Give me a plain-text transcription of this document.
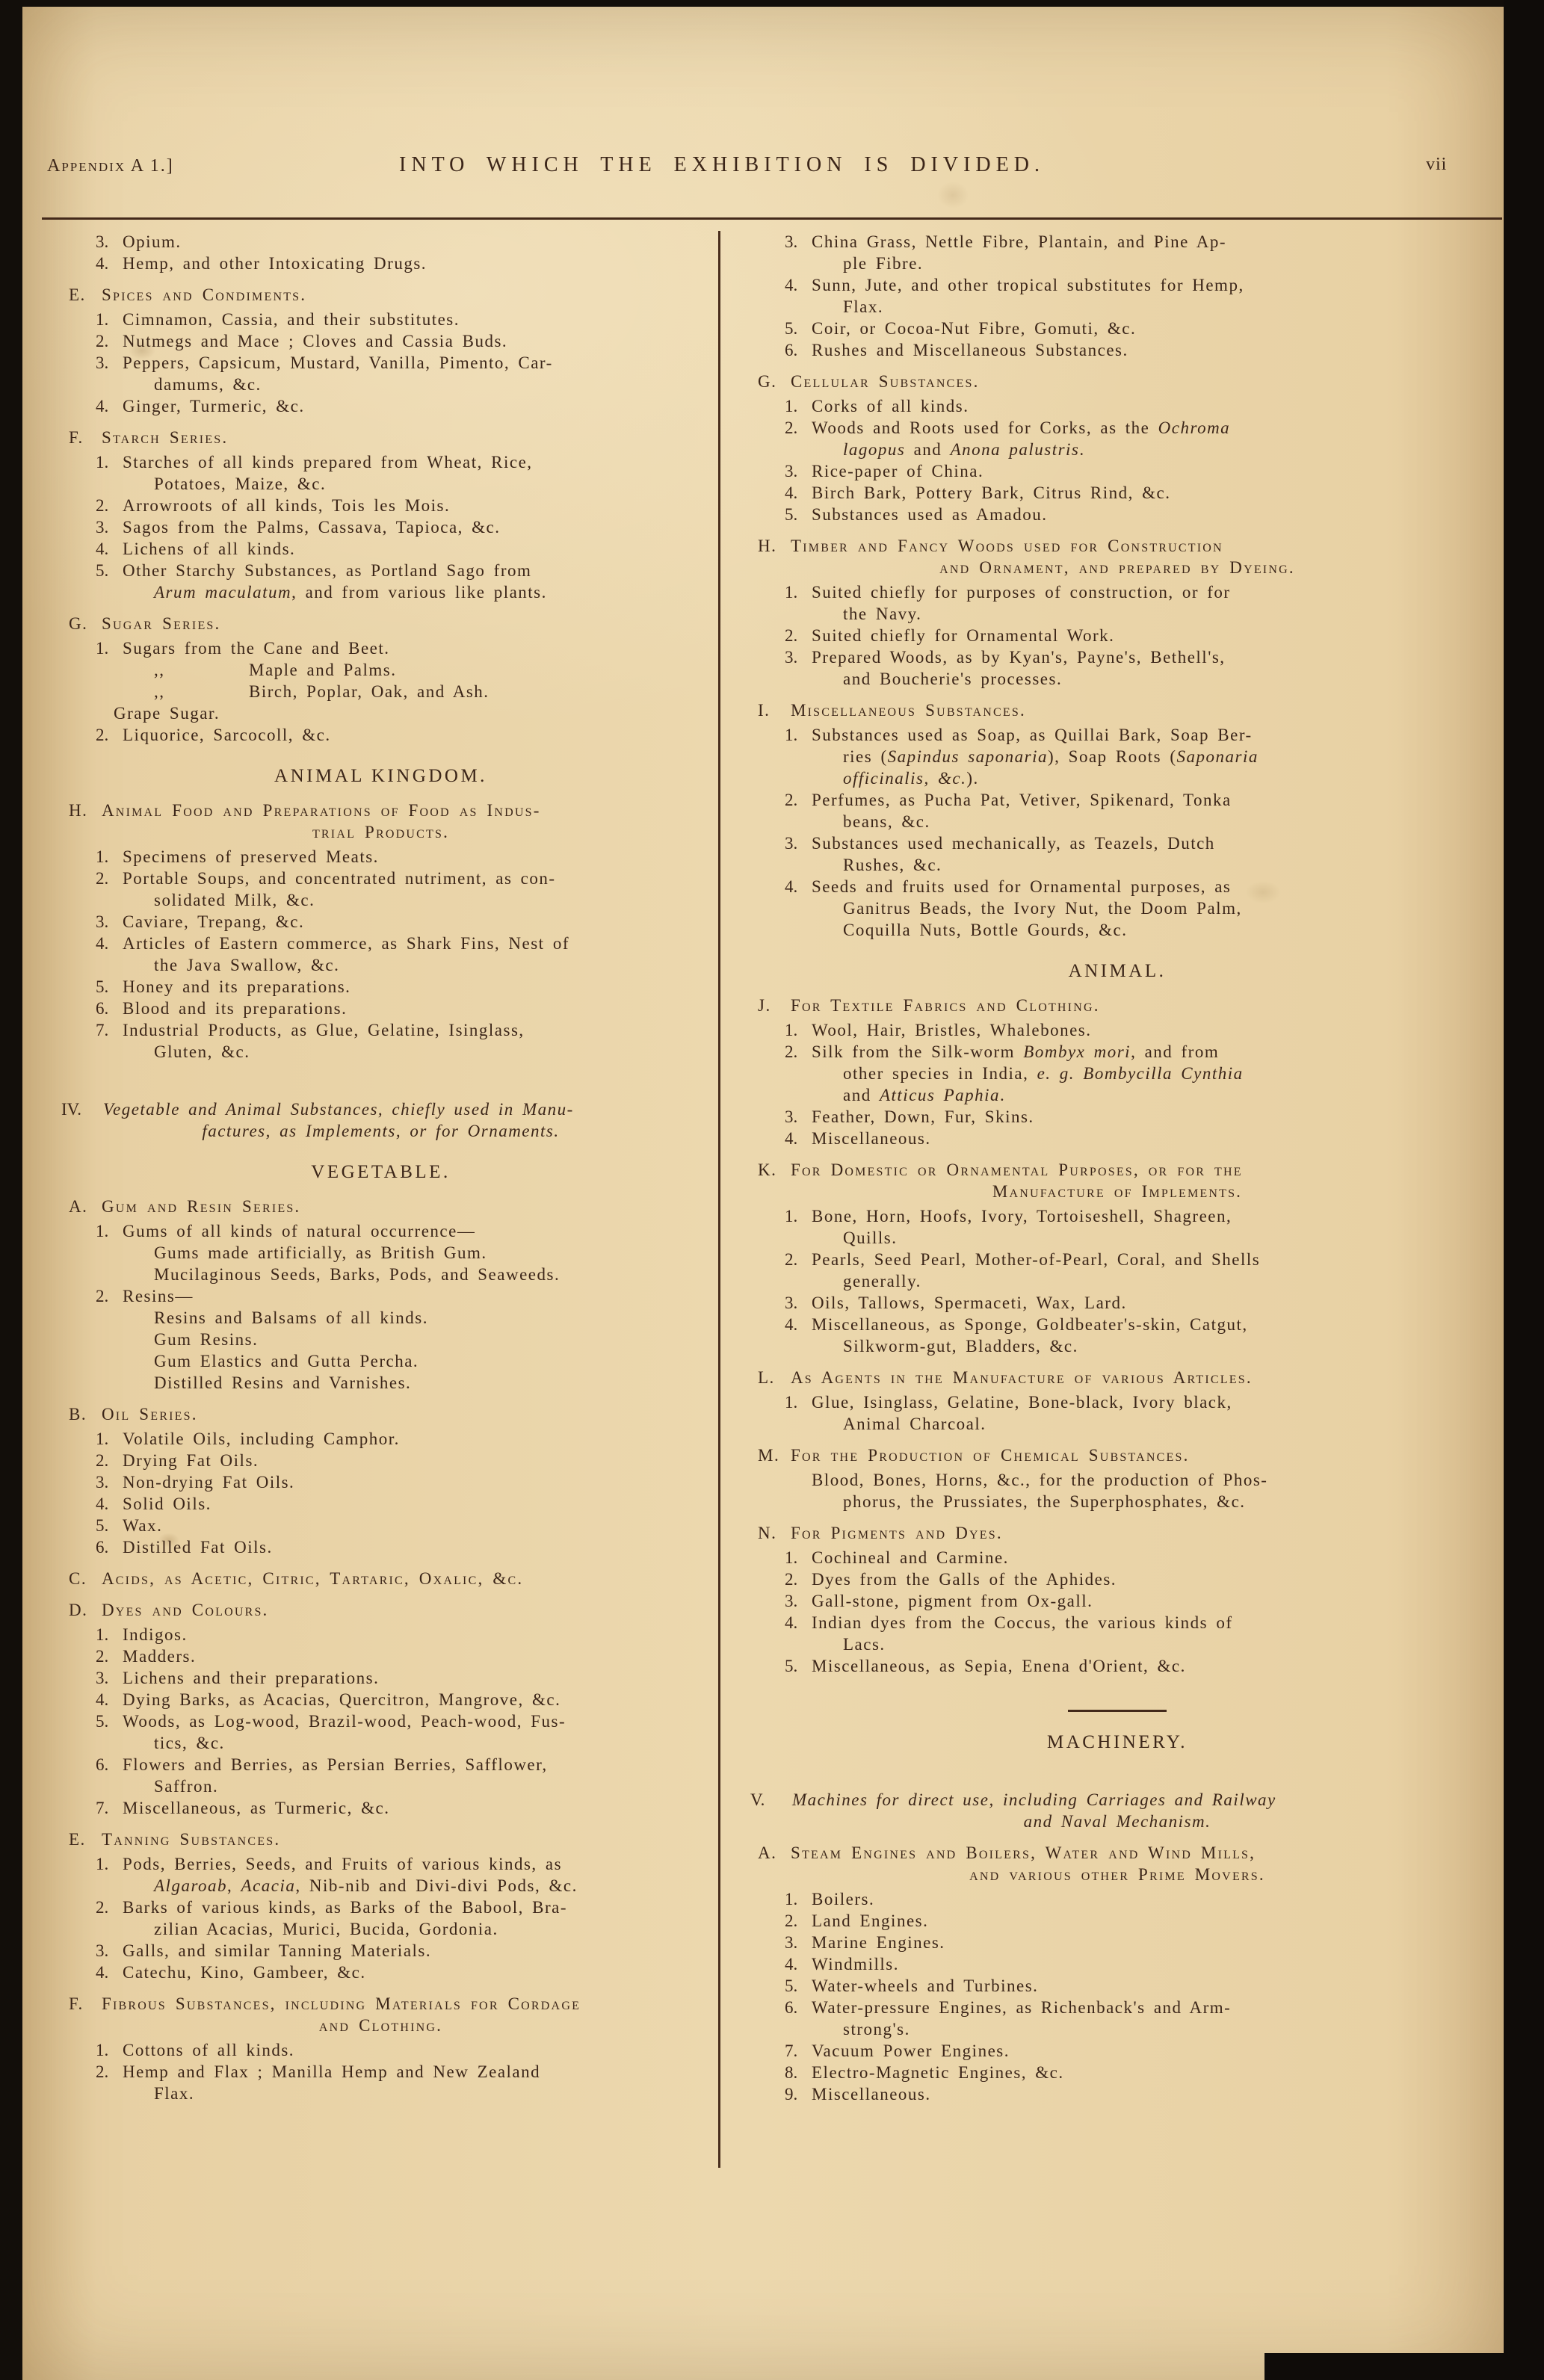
Appendix A 1.]	INTO WHICH THE EXHIBITION IS DIVIDED.	vii
3. Opium.
4. Hemp, and other Intoxicating Drugs.
E. Spices and Condiments.
1. Cimnamon, Cassia, and their substitutes.
2. Nutmegs and Mace ; Cloves and Cassia Buds.
3. Peppers, Capsicum, Mustard, Vanilla, Pimento, Car-
damums, &c.
4. Ginger, Turmeric, &c.
F. Starch Series.
1. Starches of all kinds prepared from Wheat, Rice,
Potatoes, Maize, &c.
2. Arrowroots of all kinds, Tois les Mois.
3. Sagos from the Palms, Cassava, Tapioca, &c.
4. Lichens of all kinds.
5. Other Starchy Substances, as Portland Sago from
Arum maculatum, and from various like plants.
G. Sugar Series.
1. Sugars from the Cane and Beet.
,,          Maple and Palms.
,,          Birch, Poplar, Oak, and Ash.
Grape Sugar.
2. Liquorice, Sarcocoll, &c.
ANIMAL KINGDOM.
H. Animal Food and Preparations of Food as Indus-
trial Products.
1. Specimens of preserved Meats.
2. Portable Soups, and concentrated nutriment, as con-
solidated Milk, &c.
3. Caviare, Trepang, &c.
4. Articles of Eastern commerce, as Shark Fins, Nest of
the Java Swallow, &c.
5. Honey and its preparations.
6. Blood and its preparations.
7. Industrial Products, as Glue, Gelatine, Isinglass,
Gluten, &c.
IV. Vegetable and Animal Substances, chiefly used in Manu-
factures, as Implements, or for Ornaments.
VEGETABLE.
A. Gum and Resin Series.
1. Gums of all kinds of natural occurrence—
Gums made artificially, as British Gum.
Mucilaginous Seeds, Barks, Pods, and Seaweeds.
2. Resins—
Resins and Balsams of all kinds.
Gum Resins.
Gum Elastics and Gutta Percha.
Distilled Resins and Varnishes.
B. Oil Series.
1. Volatile Oils, including Camphor.
2. Drying Fat Oils.
3. Non-drying Fat Oils.
4. Solid Oils.
5. Wax.
6. Distilled Fat Oils.
C. Acids, as Acetic, Citric, Tartaric, Oxalic, &c.
D. Dyes and Colours.
1. Indigos.
2. Madders.
3. Lichens and their preparations.
4. Dying Barks, as Acacias, Quercitron, Mangrove, &c.
5. Woods, as Log-wood, Brazil-wood, Peach-wood, Fus-
tics, &c.
6. Flowers and Berries, as Persian Berries, Safflower,
Saffron.
7. Miscellaneous, as Turmeric, &c.
E. Tanning Substances.
1. Pods, Berries, Seeds, and Fruits of various kinds, as
Algaroab, Acacia, Nib-nib and Divi-divi Pods, &c.
2. Barks of various kinds, as Barks of the Babool, Bra-
zilian Acacias, Murici, Bucida, Gordonia.
3. Galls, and similar Tanning Materials.
4. Catechu, Kino, Gambeer, &c.
F. Fibrous Substances, including Materials for Cordage
and Clothing.
1. Cottons of all kinds.
2. Hemp and Flax ; Manilla Hemp and New Zealand
Flax.
3. China Grass, Nettle Fibre, Plantain, and Pine Ap-
ple Fibre.
4. Sunn, Jute, and other tropical substitutes for Hemp,
Flax.
5. Coir, or Cocoa-Nut Fibre, Gomuti, &c.
6. Rushes and Miscellaneous Substances.
G. Cellular Substances.
1. Corks of all kinds.
2. Woods and Roots used for Corks, as the Ochroma
lagopus and Anona palustris.
3. Rice-paper of China.
4. Birch Bark, Pottery Bark, Citrus Rind, &c.
5. Substances used as Amadou.
H. Timber and Fancy Woods used for Construction
and Ornament, and prepared by Dyeing.
1. Suited chiefly for purposes of construction, or for
the Navy.
2. Suited chiefly for Ornamental Work.
3. Prepared Woods, as by Kyan's, Payne's, Bethell's,
and Boucherie's processes.
I. Miscellaneous Substances.
1. Substances used as Soap, as Quillai Bark, Soap Ber-
ries (Sapindus saponaria), Soap Roots (Saponaria
officinalis, &c.).
2. Perfumes, as Pucha Pat, Vetiver, Spikenard, Tonka
beans, &c.
3. Substances used mechanically, as Teazels, Dutch
Rushes, &c.
4. Seeds and fruits used for Ornamental purposes, as
Ganitrus Beads, the Ivory Nut, the Doom Palm,
Coquilla Nuts, Bottle Gourds, &c.
ANIMAL.
J. For Textile Fabrics and Clothing.
1. Wool, Hair, Bristles, Whalebones.
2. Silk from the Silk-worm Bombyx mori, and from
other species in India, e. g. Bombycilla Cynthia
and Atticus Paphia.
3. Feather, Down, Fur, Skins.
4. Miscellaneous.
K. For Domestic or Ornamental Purposes, or for the
Manufacture of Implements.
1. Bone, Horn, Hoofs, Ivory, Tortoiseshell, Shagreen,
Quills.
2. Pearls, Seed Pearl, Mother-of-Pearl, Coral, and Shells
generally.
3. Oils, Tallows, Spermaceti, Wax, Lard.
4. Miscellaneous, as Sponge, Goldbeater's-skin, Catgut,
Silkworm-gut, Bladders, &c.
L. As Agents in the Manufacture of various Articles.
1. Glue, Isinglass, Gelatine, Bone-black, Ivory black,
Animal Charcoal.
M. For the Production of Chemical Substances.
Blood, Bones, Horns, &c., for the production of Phos-
phorus, the Prussiates, the Superphosphates, &c.
N. For Pigments and Dyes.
1. Cochineal and Carmine.
2. Dyes from the Galls of the Aphides.
3. Gall-stone, pigment from Ox-gall.
4. Indian dyes from the Coccus, the various kinds of
Lacs.
5. Miscellaneous, as Sepia, Enena d'Orient, &c.
MACHINERY.
V. Machines for direct use, including Carriages and Railway
and Naval Mechanism.
A. Steam Engines and Boilers, Water and Wind Mills,
and various other Prime Movers.
1. Boilers.
2. Land Engines.
3. Marine Engines.
4. Windmills.
5. Water-wheels and Turbines.
6. Water-pressure Engines, as Richenback's and Arm-
strong's.
7. Vacuum Power Engines.
8. Electro-Magnetic Engines, &c.
9. Miscellaneous.
